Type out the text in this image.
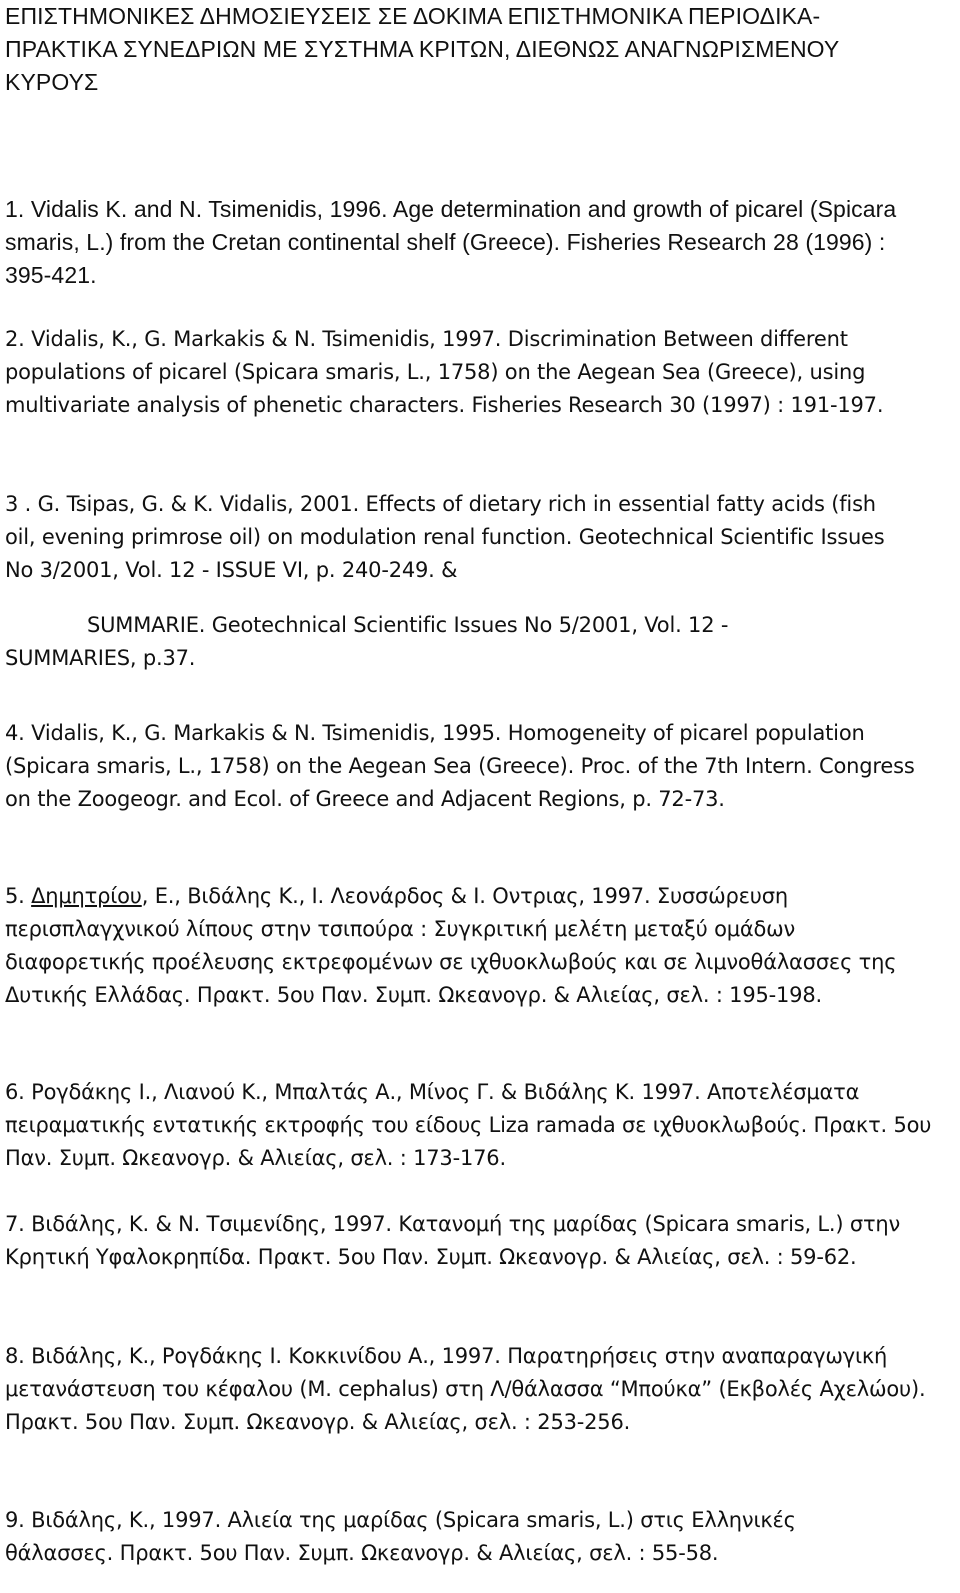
ΕΠΙΣΤΗΜΟΝΙΚΕΣ ΔΗΜΟΣΙΕΥΣΕΙΣ ΣΕ ΔΟΚΙΜΑ ΕΠΙΣΤΗΜΟΝΙΚΑ ΠΕΡΙΟΔΙΚΑ-ΠΡΑΚΤΙΚΑ ΣΥΝΕΔΡΙΩΝ ΜΕ ΣΥΣΤΗΜΑ ΚΡΙΤΩΝ, ΔΙΕΘΝΩΣ ΑΝΑΓΝΩΡΙΣΜΕΝΟΥ ΚΥΡΟΥΣ
1. Vidalis K. and N. Tsimenidis, 1996. Age determination and growth of picarel (Spicara smaris, L.) from the Cretan continental shelf (Greece). Fisheries Research 28 (1996) : 395-421.
2. Vidalis, K., G. Markakis & N. Tsimenidis, 1997. Discrimination Between different populations of picarel (Spicara smaris, L., 1758) on the Aegean Sea (Greece), using multivariate analysis of phenetic characters. Fisheries Research 30 (1997) : 191-197.

3 . G. Tsipas, G. & K. Vidalis, 2001. Effects of dietary rich in essential fatty acids (fish oil, evening primrose oil) on modulation renal function. Geotechnical Scientific Issues No 3/2001, Vol. 12 - ISSUE VI, p. 240-249. &

SUMMARIE. Geotechnical Scientific Issues No 5/2001, Vol. 12 -

SUMMARIES, p.37.

4. Vidalis, K., G. Markakis & N. Tsimenidis, 1995. Homogeneity of picarel population (Spicara smaris, L., 1758) on the Aegean Sea (Greece). Proc. of the 7th Intern. Congress on the Zoogeogr. and Ecol. of Greece and Adjacent Regions, p. 72-73.
5. Δημητρίου, Ε., Βιδάλης Κ., Ι. Λεονάρδος & Ι. Οντριας, 1997. Συσσώρευση περισπλαγχνικού λίπους στην τσιπούρα : Συγκριτική μελέτη μεταξύ ομάδων διαφορετικής προέλευσης εκτρεφομένων σε ιχθυοκλωβούς και σε λιμνοθάλασσες της Δυτικής Ελλάδας. Πρακτ. 5ου Παν. Συμπ. Ωκεανογρ. & Αλιείας, σελ. : 195-198.
6. Ρογδάκης Ι., Λιανού Κ., Μπαλτάς Α., Μίνος Γ. & Βιδάλης Κ. 1997. Αποτελέσματα πειραματικής εντατικής εκτροφής του είδους Liza ramada σε ιχθυοκλωβούς. Πρακτ. 5ου Παν. Συμπ. Ωκεανογρ. & Αλιείας, σελ. : 173-176.
7. Βιδάλης, Κ. & Ν. Τσιμενίδης, 1997. Κατανομή της μαρίδας (Spicara smaris, L.) στην Κρητική Υφαλοκρηπίδα. Πρακτ. 5ου Παν. Συμπ. Ωκεανογρ. & Αλιείας, σελ. : 59-62.
8. Βιδάλης, Κ., Ρογδάκης Ι. Κοκκινίδου Α., 1997. Παρατηρήσεις στην αναπαραγωγική μετανάστευση του κέφαλου (M. cephalus) στη Λ/θάλασσα “Μπούκα” (Εκβολές Αχελώου). Πρακτ. 5ου Παν. Συμπ. Ωκεανογρ. & Αλιείας, σελ. : 253-256.
9. Βιδάλης, Κ., 1997. Αλιεία της μαρίδας (Spicara smaris, L.) στις Ελληνικές θάλασσες. Πρακτ. 5ου Παν. Συμπ. Ωκεανογρ. & Αλιείας, σελ. : 55-58.
